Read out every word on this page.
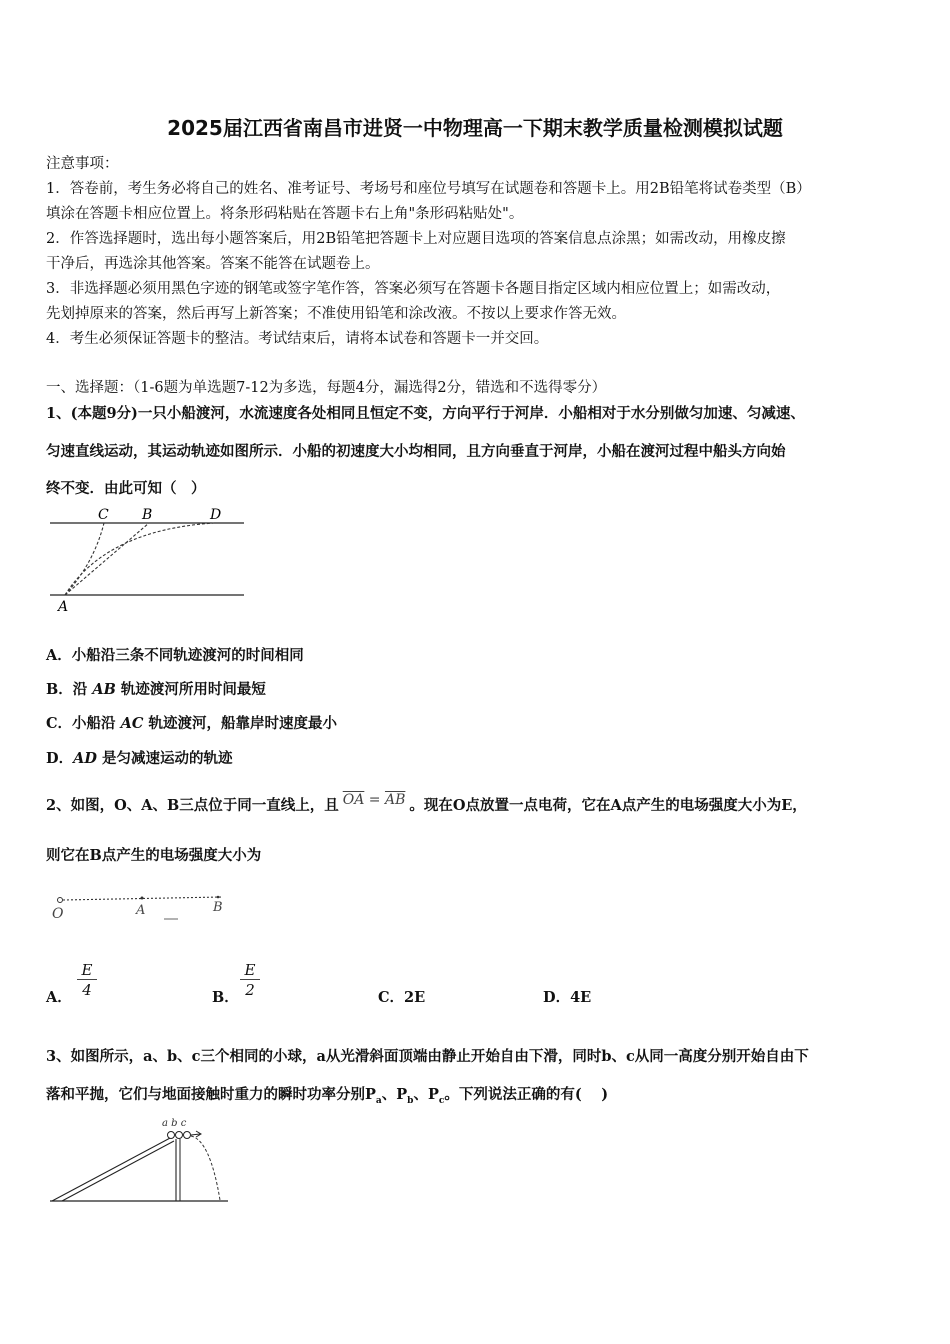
2025届江西省南昌市进贤一中物理高一下期末教学质量检测模拟试题
注意事项：
1．答卷前，考生务必将自己的姓名、准考证号、考场号和座位号填写在试题卷和答题卡上。用2B铅笔将试卷类型（B）
填涂在答题卡相应位置上。将条形码粘贴在答题卡右上角"条形码粘贴处"。
2．作答选择题时，选出每小题答案后，用2B铅笔把答题卡上对应题目选项的答案信息点涂黑；如需改动，用橡皮擦
干净后，再选涂其他答案。答案不能答在试题卷上。
3．非选择题必须用黑色字迹的钢笔或签字笔作答，答案必须写在答题卡各题目指定区域内相应位置上；如需改动，
先划掉原来的答案，然后再写上新答案；不准使用铅笔和涂改液。不按以上要求作答无效。
4．考生必须保证答题卡的整洁。考试结束后，请将本试卷和答题卡一并交回。
一、选择题：（1-6题为单选题7-12为多选，每题4分，漏选得2分，错选和不选得零分）
1、(本题9分)一只小船渡河，水流速度各处相同且恒定不变，方向平行于河岸．小船相对于水分别做匀加速、匀减速、
匀速直线运动，其运动轨迹如图所示．小船的初速度大小均相同，且方向垂直于河岸，小船在渡河过程中船头方向始
终不变．由此可知（　）
C B	D
A
A．小船沿三条不同轨迹渡河的时间相同
B．沿 AB 轨迹渡河所用时间最短
C．小船沿 AC 轨迹渡河，船靠岸时速度最小
D．AD 是匀减速运动的轨迹
2、如图，O、A、B三点位于同一直线上，且 $\overline{OA} = \overline{AB}$ 。现在O点放置一点电荷，它在A点产生的电场强度大小为E，
则它在B点产生的电场强度大小为
O	A	B
A． $\frac{E}{4}$	B． $\frac{E}{2}$	C．2E	D．4E
3、如图所示，a、b、c三个相同的小球，a从光滑斜面顶端由静止开始自由下滑，同时b、c从同一高度分别开始自由下
落和平抛，它们与地面接触时重力的瞬时功率分别$P_a$、$P_b$、$P_c$。下列说法正确的有(　 )
a b c
